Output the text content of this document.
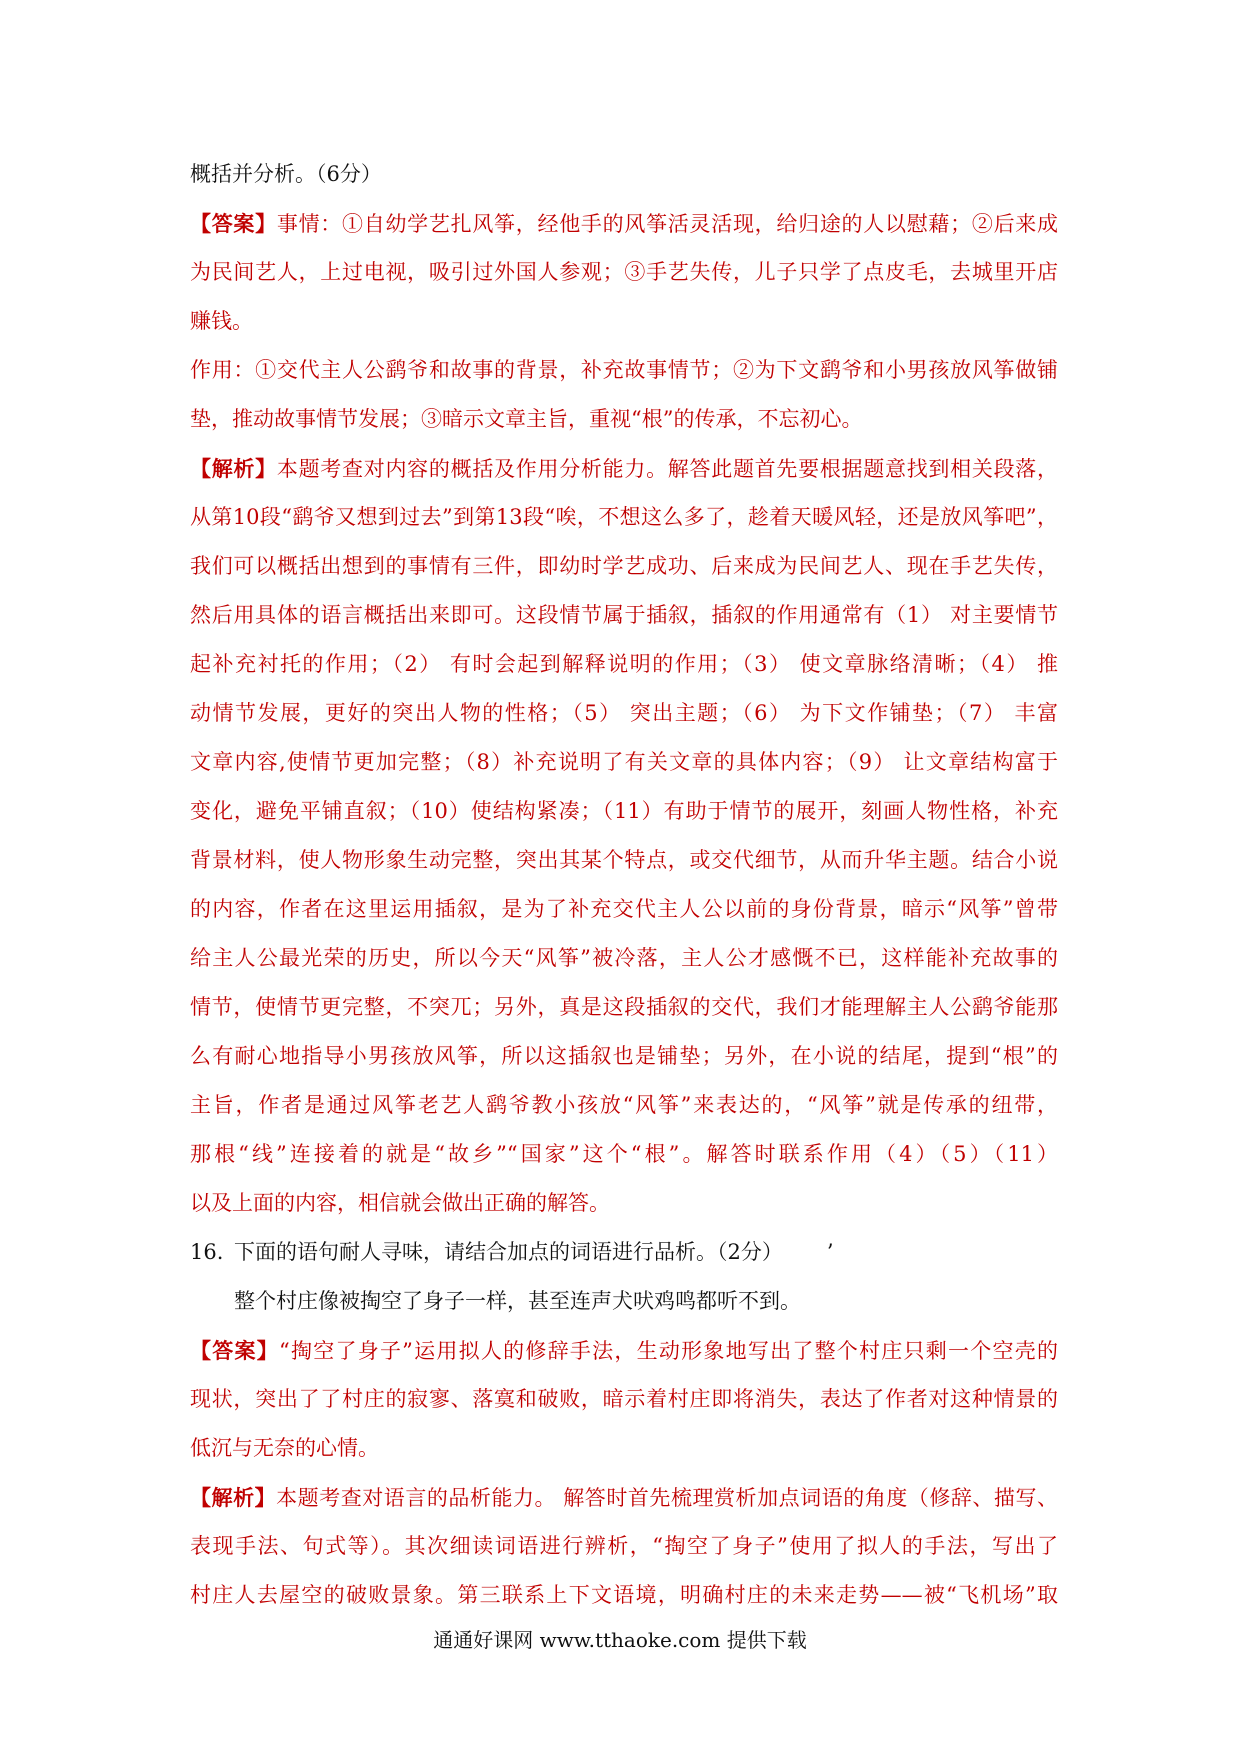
概括并分析。（6分）
【答案】事情：①自幼学艺扎风筝，经他手的风筝活灵活现，给归途的人以慰藉；②后来成
为民间艺人，上过电视，吸引过外国人参观；③手艺失传，儿子只学了点皮毛，去城里开店
赚钱。
作用：①交代主人公鹞爷和故事的背景，补充故事情节；②为下文鹞爷和小男孩放风筝做铺
垫，推动故事情节发展；③暗示文章主旨，重视“根”的传承，不忘初心。
【解析】本题考查对内容的概括及作用分析能力。解答此题首先要根据题意找到相关段落，
从第10段“鹞爷又想到过去”到第13段“唉，不想这么多了，趁着天暖风轻，还是放风筝吧”，
我们可以概括出想到的事情有三件，即幼时学艺成功、后来成为民间艺人、现在手艺失传，
然后用具体的语言概括出来即可。这段情节属于插叙，插叙的作用通常有（1） 对主要情节
起补充衬托的作用；（2） 有时会起到解释说明的作用；（3） 使文章脉络清晰；（4） 推
动情节发展，更好的突出人物的性格；（5） 突出主题；（6） 为下文作铺垫；（7） 丰富
文章内容,使情节更加完整；（8）补充说明了有关文章的具体内容；（9） 让文章结构富于
变化，避免平铺直叙；（10）使结构紧凑；（11）有助于情节的展开，刻画人物性格，补充
背景材料，使人物形象生动完整，突出其某个特点，或交代细节，从而升华主题。结合小说
的内容，作者在这里运用插叙，是为了补充交代主人公以前的身份背景，暗示“风筝”曾带
给主人公最光荣的历史，所以今天“风筝”被冷落，主人公才感慨不已，这样能补充故事的
情节，使情节更完整，不突兀；另外，真是这段插叙的交代，我们才能理解主人公鹞爷能那
么有耐心地指导小男孩放风筝，所以这插叙也是铺垫；另外，在小说的结尾，提到“根”的
主旨，作者是通过风筝老艺人鹞爷教小孩放“风筝”来表达的，“风筝”就是传承的纽带，
那根“线”连接着的就是“故乡”“国家”这个“根”。解答时联系作用（4）（5）（11）
以及上面的内容，相信就会做出正确的解答。
16. 下面的语句耐人寻味，请结合加点的词语进行品析。（2分） ’
整个村庄像被掏空了身子一样，甚至连声犬吠鸡鸣都听不到。
【答案】“掏空了身子”运用拟人的修辞手法，生动形象地写出了整个村庄只剩一个空壳的
现状，突出了了村庄的寂寥、落寞和破败，暗示着村庄即将消失，表达了作者对这种情景的
低沉与无奈的心情。
【解析】本题考查对语言的品析能力。 解答时首先梳理赏析加点词语的角度（修辞、描写、
表现手法、句式等）。其次细读词语进行辨析，“掏空了身子”使用了拟人的手法，写出了
村庄人去屋空的破败景象。第三联系上下文语境，明确村庄的未来走势——被“飞机场”取
通通好课网 www.tthaoke.com 提供下载
